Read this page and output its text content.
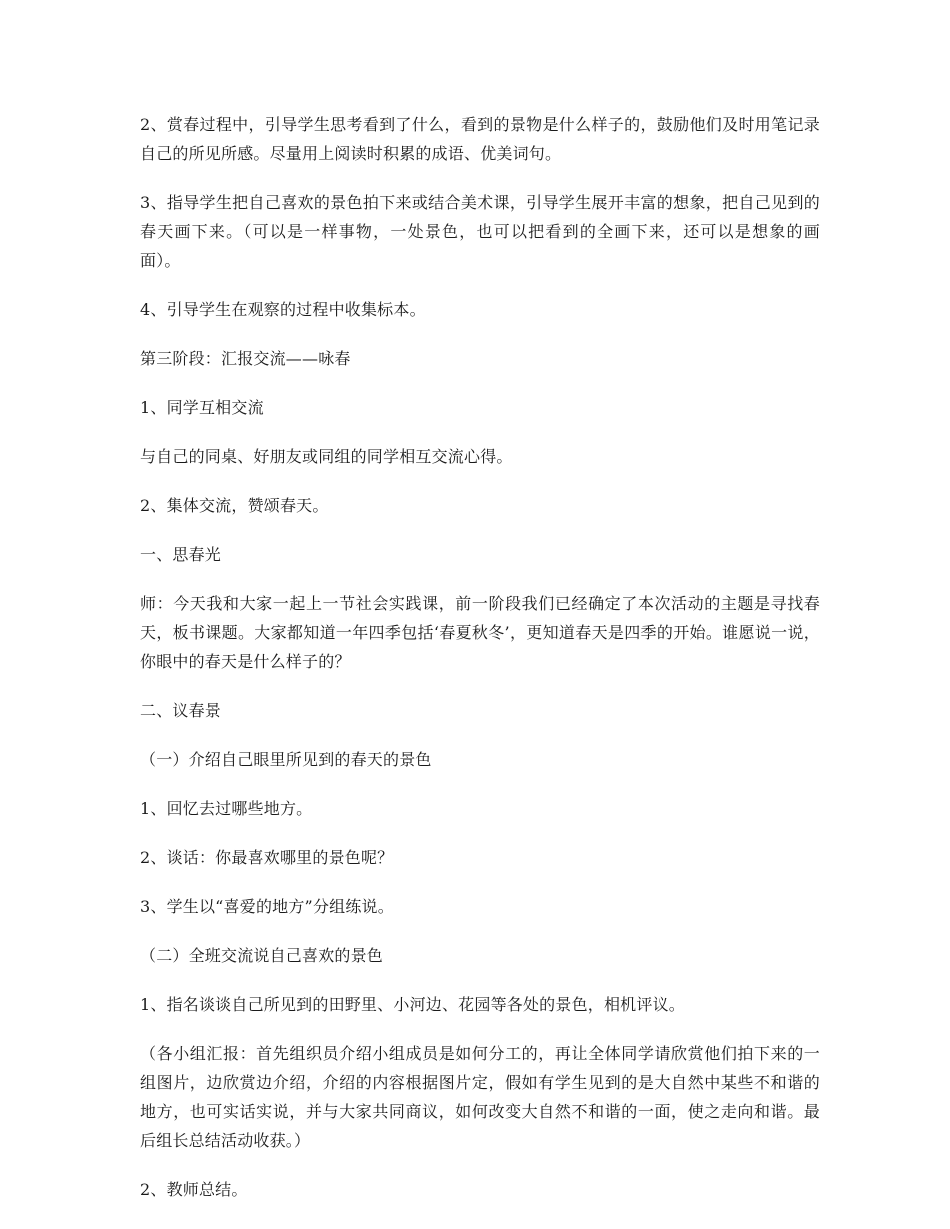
2、赏春过程中，引导学生思考看到了什么，看到的景物是什么样子的，鼓励他们及时用笔记录自己的所见所感。尽量用上阅读时积累的成语、优美词句。

3、指导学生把自己喜欢的景色拍下来或结合美术课，引导学生展开丰富的想象，把自己见到的春天画下来。（可以是一样事物，一处景色，也可以把看到的全画下来，还可以是想象的画面）。

4、引导学生在观察的过程中收集标本。

第三阶段：汇报交流——咏春

1、同学互相交流

与自己的同桌、好朋友或同组的同学相互交流心得。

2、集体交流，赞颂春天。

一、思春光

师：今天我和大家一起上一节社会实践课，前一阶段我们已经确定了本次活动的主题是寻找春天，板书课题。大家都知道一年四季包括‘春夏秋冬’，更知道春天是四季的开始。谁愿说一说，你眼中的春天是什么样子的？

二、议春景

（一）介绍自己眼里所见到的春天的景色

1、回忆去过哪些地方。

2、谈话：你最喜欢哪里的景色呢？

3、学生以“喜爱的地方”分组练说。

（二）全班交流说自己喜欢的景色

1、指名谈谈自己所见到的田野里、小河边、花园等各处的景色，相机评议。

（各小组汇报：首先组织员介绍小组成员是如何分工的，再让全体同学请欣赏他们拍下来的一组图片，边欣赏边介绍，介绍的内容根据图片定，假如有学生见到的是大自然中某些不和谐的地方，也可实话实说，并与大家共同商议，如何改变大自然不和谐的一面，使之走向和谐。最后组长总结活动收获。）

2、教师总结。
